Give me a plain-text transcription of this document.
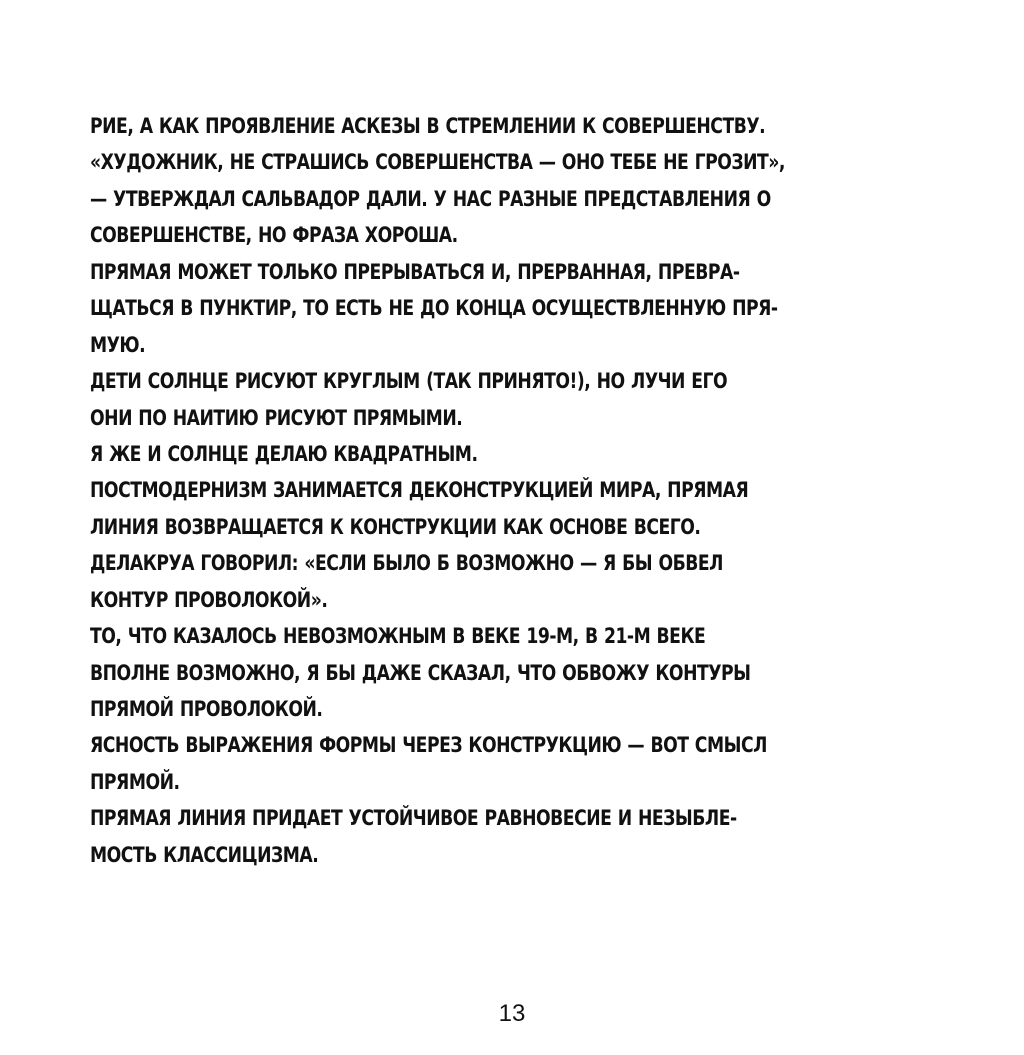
РИЕ, А КАК ПРОЯВЛЕНИЕ АСКЕЗЫ В СТРЕМЛЕНИИ К СОВЕРШЕНСТВУ.
«ХУДОЖНИК, НЕ СТРАШИСЬ СОВЕРШЕНСТВА — ОНО ТЕБЕ НЕ ГРОЗИТ»,
— УТВЕРЖДАЛ САЛЬВАДОР ДАЛИ. У НАС РАЗНЫЕ ПРЕДСТАВЛЕНИЯ О
СОВЕРШЕНСТВЕ, НО ФРАЗА ХОРОША.
ПРЯМАЯ МОЖЕТ ТОЛЬКО ПРЕРЫВАТЬСЯ И, ПРЕРВАННАЯ, ПРЕВРА-
ЩАТЬСЯ В ПУНКТИР, ТО ЕСТЬ НЕ ДО КОНЦА ОСУЩЕСТВЛЕННУЮ ПРЯ-
МУЮ.
ДЕТИ СОЛНЦЕ РИСУЮТ КРУГЛЫМ (ТАК ПРИНЯТО!), НО ЛУЧИ ЕГО
ОНИ ПО НАИТИЮ РИСУЮТ ПРЯМЫМИ.
Я ЖЕ И СОЛНЦЕ ДЕЛАЮ КВАДРАТНЫМ.
ПОСТМОДЕРНИЗМ ЗАНИМАЕТСЯ ДЕКОНСТРУКЦИЕЙ МИРА, ПРЯМАЯ
ЛИНИЯ ВОЗВРАЩАЕТСЯ К КОНСТРУКЦИИ КАК ОСНОВЕ ВСЕГО.
ДЕЛАКРУА ГОВОРИЛ: «ЕСЛИ БЫЛО Б ВОЗМОЖНО — Я БЫ ОБВЕЛ
КОНТУР ПРОВОЛОКОЙ».
ТО, ЧТО КАЗАЛОСЬ НЕВОЗМОЖНЫМ В ВЕКЕ 19-М, В 21-М ВЕКЕ
ВПОЛНЕ ВОЗМОЖНО, Я БЫ ДАЖЕ СКАЗАЛ, ЧТО ОБВОЖУ КОНТУРЫ
ПРЯМОЙ ПРОВОЛОКОЙ.
ЯСНОСТЬ ВЫРАЖЕНИЯ ФОРМЫ ЧЕРЕЗ КОНСТРУКЦИЮ — ВОТ СМЫСЛ
ПРЯМОЙ.
ПРЯМАЯ ЛИНИЯ ПРИДАЕТ УСТОЙЧИВОЕ РАВНОВЕСИЕ И НЕЗЫБЛЕ-
МОСТЬ КЛАССИЦИЗМА.
13
